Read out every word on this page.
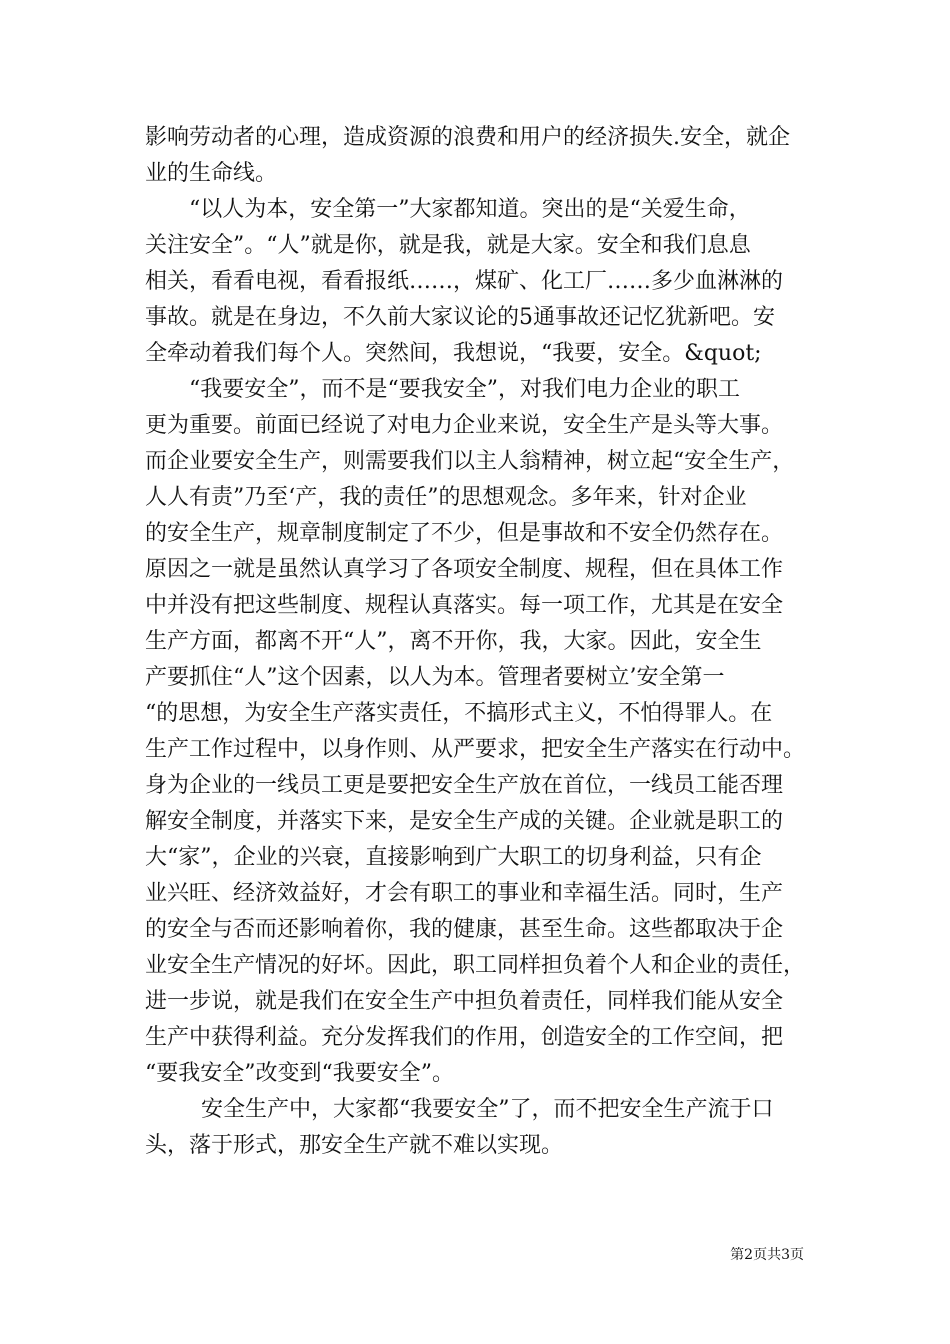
影响劳动者的心理，造成资源的浪费和用户的经济损失.安全，就企
业的生命线。
“以人为本，安全第一”大家都知道。突出的是“关爱生命，
关注安全”。“人”就是你，就是我，就是大家。安全和我们息息
相关，看看电视，看看报纸……，煤矿、化工厂……多少血淋淋的
事故。就是在身边，不久前大家议论的5通事故还记忆犹新吧。安
全牵动着我们每个人。突然间，我想说，“我要，安全。&quot;
“我要安全”，而不是“要我安全”，对我们电力企业的职工
更为重要。前面已经说了对电力企业来说，安全生产是头等大事。
而企业要安全生产，则需要我们以主人翁精神，树立起“安全生产，
人人有责”乃至‘产，我的责任”的思想观念。多年来，针对企业
的安全生产，规章制度制定了不少，但是事故和不安全仍然存在。
原因之一就是虽然认真学习了各项安全制度、规程，但在具体工作
中并没有把这些制度、规程认真落实。每一项工作，尤其是在安全
生产方面，都离不开“人”，离不开你，我，大家。因此，安全生
产要抓住“人”这个因素，以人为本。管理者要树立’安全第一
“的思想，为安全生产落实责任，不搞形式主义，不怕得罪人。在
生产工作过程中，以身作则、从严要求，把安全生产落实在行动中。
身为企业的一线员工更是要把安全生产放在首位，一线员工能否理
解安全制度，并落实下来，是安全生产成的关键。企业就是职工的
大“家”，企业的兴衰，直接影响到广大职工的切身利益，只有企
业兴旺、经济效益好，才会有职工的事业和幸福生活。同时，生产
的安全与否而还影响着你，我的健康，甚至生命。这些都取决于企
业安全生产情况的好坏。因此，职工同样担负着个人和企业的责任，
进一步说，就是我们在安全生产中担负着责任，同样我们能从安全
生产中获得利益。充分发挥我们的作用，创造安全的工作空间，把
“要我安全”改变到“我要安全”。
安全生产中，大家都“我要安全”了，而不把安全生产流于口
头，落于形式，那安全生产就不难以实现。
第2页共3页
